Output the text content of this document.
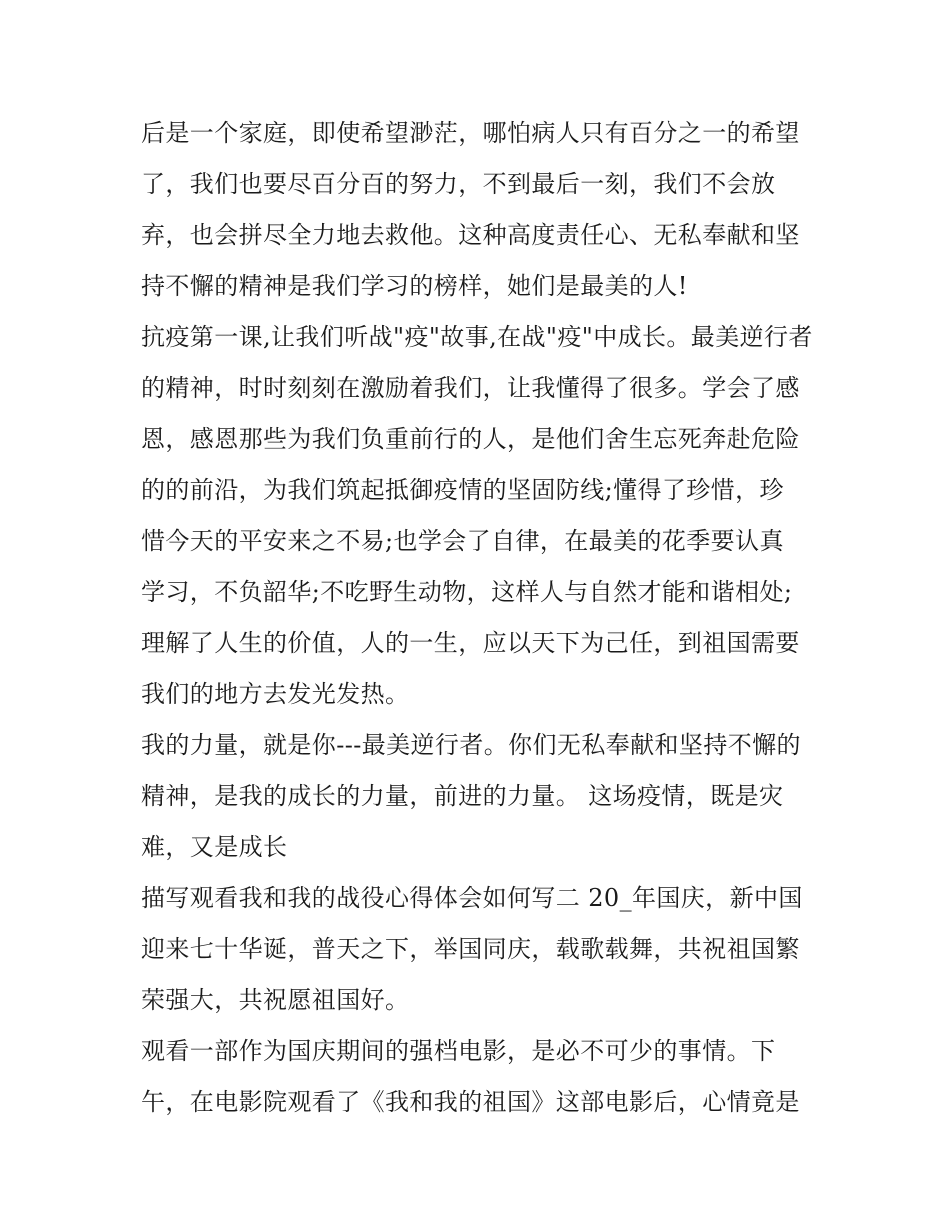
后是一个家庭，即使希望渺茫，哪怕病人只有百分之一的希望
了，我们也要尽百分百的努力，不到最后一刻，我们不会放
弃，也会拼尽全力地去救他。这种高度责任心、无私奉献和坚
持不懈的精神是我们学习的榜样，她们是最美的人!
抗疫第一课,让我们听战"疫"故事,在战"疫"中成长。最美逆行者
的精神，时时刻刻在激励着我们，让我懂得了很多。学会了感
恩，感恩那些为我们负重前行的人，是他们舍生忘死奔赴危险
的的前沿，为我们筑起抵御疫情的坚固防线;懂得了珍惜，珍
惜今天的平安来之不易;也学会了自律，在最美的花季要认真
学习，不负韶华;不吃野生动物，这样人与自然才能和谐相处;
理解了人生的价值，人的一生，应以天下为己任，到祖国需要
我们的地方去发光发热。
我的力量，就是你---最美逆行者。你们无私奉献和坚持不懈的
精神，是我的成长的力量，前进的力量。 这场疫情，既是灾
难，又是成长
描写观看我和我的战役心得体会如何写二 20_年国庆，新中国
迎来七十华诞，普天之下，举国同庆，载歌载舞，共祝祖国繁
荣强大，共祝愿祖国好。
观看一部作为国庆期间的强档电影，是必不可少的事情。下
午，在电影院观看了《我和我的祖国》这部电影后，心情竟是
